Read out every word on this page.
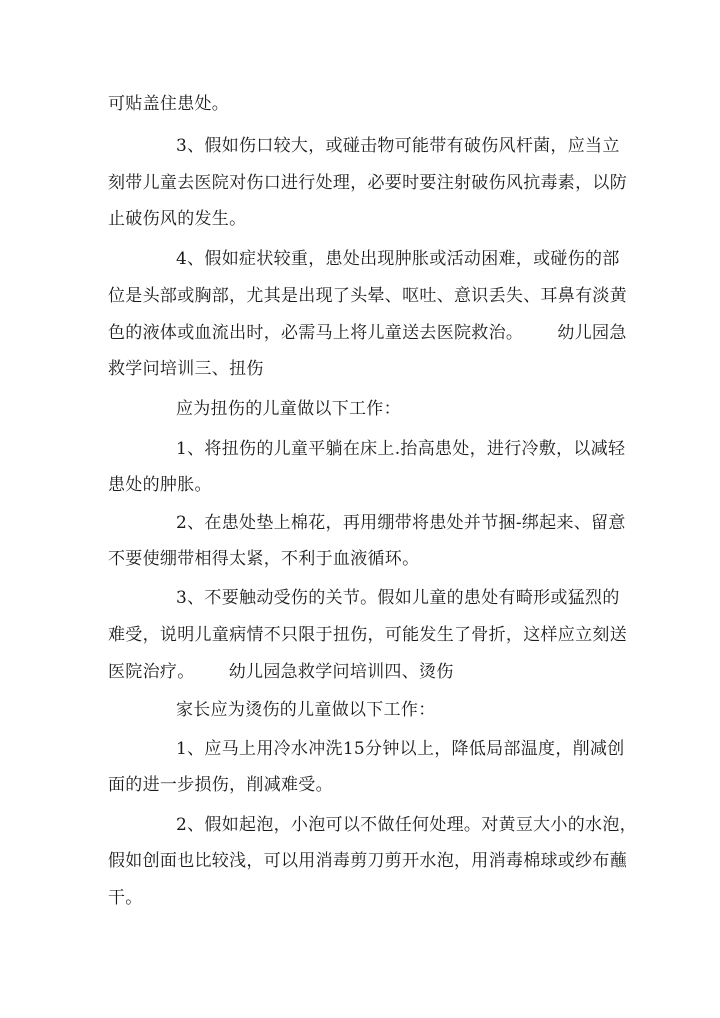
可贴盖住患处。
3、假如伤口较大，或碰击物可能带有破伤风杆菌，应当立
刻带儿童去医院对伤口进行处理，必要时要注射破伤风抗毒素，以防
止破伤风的发生。
4、假如症状较重，患处出现肿胀或活动困难，或碰伤的部
位是头部或胸部，尤其是出现了头晕、呕吐、意识丢失、耳鼻有淡黄
色的液体或血流出时，必需马上将儿童送去医院救治。      幼儿园急
救学问培训三、扭伤
应为扭伤的儿童做以下工作：
1、将扭伤的儿童平躺在床上.抬高患处，进行冷敷，以减轻
患处的肿胀。
2、在患处垫上棉花，再用绷带将患处并节捆-绑起来、留意
不要使绷带相得太紧，不利于血液循环。
3、不要触动受伤的关节。假如儿童的患处有畸形或猛烈的
难受，说明儿童病情不只限于扭伤，可能发生了骨折，这样应立刻送
医院治疗。      幼儿园急救学问培训四、烫伤
家长应为烫伤的儿童做以下工作：
1、应马上用冷水冲洗15分钟以上，降低局部温度，削减创
面的进一步损伤，削减难受。
2、假如起泡，小泡可以不做任何处理。对黄豆大小的水泡，
假如创面也比较浅，可以用消毒剪刀剪开水泡，用消毒棉球或纱布蘸
干。
